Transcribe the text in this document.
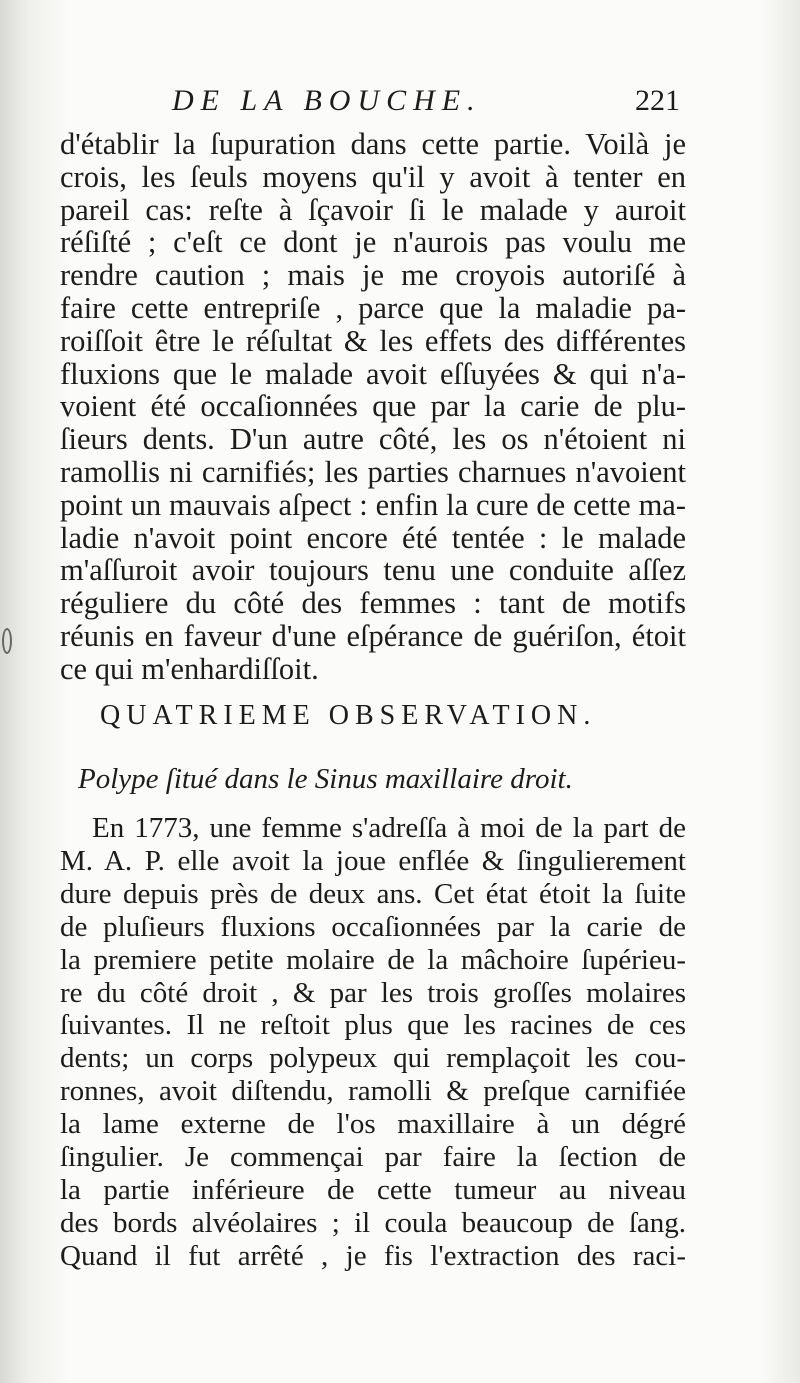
DE LA BOUCHE.	221
d'établir la ſupuration dans cette partie. Voilà je
crois, les ſeuls moyens qu'il y avoit à tenter en
pareil cas: reſte à ſçavoir ſi le malade y auroit
réſiſté ; c'eſt ce dont je n'aurois pas voulu me
rendre caution ; mais je me croyois autoriſé à
faire cette entrepriſe , parce que la maladie pa-
roiſſoit être le réſultat & les effets des différentes
fluxions que le malade avoit eſſuyées & qui n'a-
voient été occaſionnées que par la carie de plu-
ſieurs dents. D'un autre côté, les os n'étoient ni
ramollis ni carnifiés; les parties charnues n'avoient
point un mauvais aſpect : enfin la cure de cette ma-
ladie n'avoit point encore été tentée : le malade
m'aſſuroit avoir toujours tenu une conduite aſſez
réguliere du côté des femmes : tant de motifs
réunis en faveur d'une eſpérance de guériſon, étoit
ce qui m'enhardiſſoit.
QUATRIEME OBSERVATION.
Polype ſitué dans le Sinus maxillaire droit.
En 1773, une femme s'adreſſa à moi de la part de
M. A. P. elle avoit la joue enflée & ſingulierement
dure depuis près de deux ans. Cet état étoit la ſuite
de pluſieurs fluxions occaſionnées par la carie de
la premiere petite molaire de la mâchoire ſupérieu-
re du côté droit , & par les trois groſſes molaires
ſuivantes. Il ne reſtoit plus que les racines de ces
dents; un corps polypeux qui remplaçoit les cou-
ronnes, avoit diſtendu, ramolli & preſque carnifiée
la lame externe de l'os maxillaire à un dégré
ſingulier. Je commençai par faire la ſection de
la partie inférieure de cette tumeur au niveau
des bords alvéolaires ; il coula beaucoup de ſang.
Quand il fut arrêté , je fis l'extraction des raci-
